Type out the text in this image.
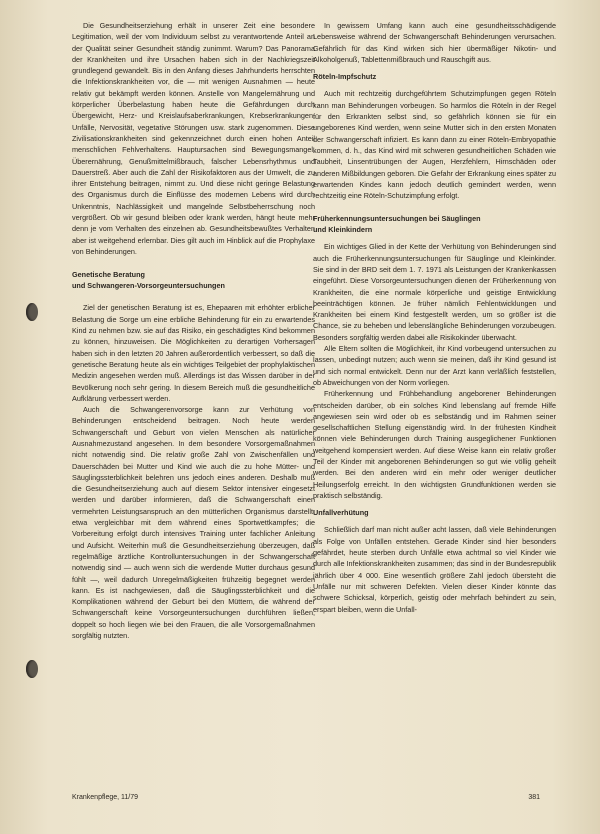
Die Gesundheitserziehung erhält in unserer Zeit eine besondere Legitimation, weil der vom Individuum selbst zu verantwortende Anteil an der Qualität seiner Gesundheit ständig zunimmt. Warum? Das Panorama der Krankheiten und ihre Ursachen haben sich in der Nachkriegszeit grundlegend gewandelt. Bis in den Anfang dieses Jahrhunderts herrschten die Infektionskrankheiten vor, die — mit wenigen Ausnahmen — heute relativ gut bekämpft werden können. Anstelle von Mangelernährung und körperlicher Überbelastung haben heute die Gefährdungen durch Übergewicht, Herz- und Kreislaufsaberkrankungen, Krebserkrankungen, Unfälle, Nervosität, vegetative Störungen usw. stark zugenommen. Diese Zivilisationskrankheiten sind gekennzeichnet durch einen hohen Anteil menschlichen Fehlverhaltens. Hauptursachen sind Bewegungsmangel, Überernährung, Genußmittelmißbrauch, falscher Lebensrhythmus und Dauerstreß. Aber auch die Zahl der Risikofaktoren aus der Umwelt, die zu ihrer Entstehung beitragen, nimmt zu. Und diese nicht geringe Belastung des Organismus durch die Einflüsse des modernen Lebens wird durch Unkenntnis, Nachlässigkeit und mangelnde Selbstbeherrschung noch vergrößert. Ob wir gesund bleiben oder krank werden, hängt heute mehr denn je vom Verhalten des einzelnen ab. Gesundheitsbewußtes Verhalten aber ist weitgehend erlernbar. Dies gilt auch im Hinblick auf die Prophylaxe von Behinderungen.

Genetische Beratung
und Schwangeren-Vorsorgeuntersuchungen

Ziel der genetischen Beratung ist es, Ehepaaren mit erhöhter erblicher Belastung die Sorge um eine erbliche Behinderung für ein zu erwartendes Kind zu nehmen bzw. sie auf das Risiko, ein geschädigtes Kind bekommen zu können, hinzuweisen. Die Möglichkeiten zu derartigen Vorhersagen haben sich in den letzten 20 Jahren außerordentlich verbessert, so daß die genetische Beratung heute als ein wichtiges Teilgebiet der prophylaktischen Medizin angesehen werden muß. Allerdings ist das Wissen darüber in der Bevölkerung noch sehr gering. In diesem Bereich muß die gesundheitliche Aufklärung verbessert werden.

Auch die Schwangerenvorsorge kann zur Verhütung von Behinderungen entscheidend beitragen. Noch heute werden Schwangerschaft und Geburt von vielen Menschen als natürlicher Ausnahmezustand angesehen. In dem besondere Vorsorgemaßnahmen nicht notwendig sind. Die relativ große Zahl von Zwischenfällen und Dauerschäden bei Mutter und Kind wie auch die zu hohe Mütter- und Säuglingssterblichkeit belehren uns jedoch eines anderen. Deshalb muß die Gesundheitserziehung auch auf diesem Sektor intensiver eingesetzt werden und darüber informieren, daß die Schwangerschaft einen vermehrten Leistungsanspruch an den mütterlichen Organismus darstellt, etwa vergleichbar mit dem während eines Sportwettkampfes; die Vorbereitung erfolgt durch intensives Training unter fachlicher Anleitung und Aufsicht. Weiterhin muß die Gesundheitserziehung überzeugen, daß regelmäßige ärztliche Kontrolluntersuchungen in der Schwangerschaft notwendig sind — auch wenn sich die werdende Mutter durchaus gesund fühlt —, weil dadurch Unregelmäßigkeiten frühzeitig begegnet werden kann. Es ist nachgewiesen, daß die Säuglingssterblichkeit und die Komplikationen während der Geburt bei den Müttern, die während der Schwangerschaft keine Vorsorgeuntersuchungen durchführen ließen, doppelt so hoch liegen wie bei den Frauen, die alle Vorsorgemaßnahmen sorgfältig nutzten.

In gewissem Umfang kann auch eine gesundheitsschädigende Lebensweise während der Schwangerschaft Behinderungen verursachen. Gefährlich für das Kind wirken sich hier übermäßiger Nikotin- und Alkoholgenuß, Tablettenmißbrauch und Rauschgift aus.

Röteln-Impfschutz

Auch mit rechtzeitig durchgeführtem Schutzimpfungen gegen Röteln kann man Behinderungen vorbeugen. So harmlos die Röteln in der Regel für den Erkrankten selbst sind, so gefährlich können sie für ein ungeborenes Kind werden, wenn seine Mutter sich in den ersten Monaten der Schwangerschaft infiziert. Es kann dann zu einer Röteln-Embryopathie kommen, d. h., das Kind wird mit schweren gesundheitlichen Schäden wie Taubheit, Linsentrübungen der Augen, Herzfehlern, Hirnschäden oder anderen Mißbildungen geboren. Die Gefahr der Erkrankung eines später zu erwartenden Kindes kann jedoch deutlich gemindert werden, wenn rechtzeitig eine Röteln-Schutzimpfung erfolgt.

Früherkennungsuntersuchungen bei Säuglingen
und Kleinkindern

Ein wichtiges Glied in der Kette der Verhütung von Behinderungen sind auch die Früherkennungsuntersuchungen für Säuglinge und Kleinkinder. Sie sind in der BRD seit dem 1. 7. 1971 als Leistungen der Krankenkassen eingeführt. Diese Vorsorgeuntersuchungen dienen der Früherkennung von Krankheiten, die eine normale körperliche und geistige Entwicklung beeinträchtigen können. Je früher nämlich Fehlentwicklungen und Krankheiten bei einem Kind festgestellt werden, um so größer ist die Chance, sie zu beheben und lebenslängliche Behinderungen vorzubeugen. Besonders sorgfältig werden dabei alle Risikokinder überwacht.

Alle Eltern sollten die Möglichkeit, ihr Kind vorbeugend untersuchen zu lassen, unbedingt nutzen; auch wenn sie meinen, daß ihr Kind gesund ist und sich normal entwickelt. Denn nur der Arzt kann verläßlich feststellen, ob Abweichungen von der Norm vorliegen.

Früherkennung und Frühbehandlung angeborener Behinderungen entscheiden darüber, ob ein solches Kind lebenslang auf fremde Hilfe angewiesen sein wird oder ob es selbständig und im Rahmen seiner gesellschaftlichen Stellung eigenständig wird. In der frühesten Kindheit können viele Behinderungen durch Training ausgeglichener Funktionen weitgehend kompensiert werden. Auf diese Weise kann ein relativ großer Teil der Kinder mit angeborenen Behinderungen so gut wie völlig geheilt werden. Bei den anderen wird ein mehr oder weniger deutlicher Heilungserfolg erreicht. In den wichtigsten Grundfunktionen werden sie praktisch selbständig.

Unfallverhütung

Schließlich darf man nicht außer acht lassen, daß viele Behinderungen als Folge von Unfällen entstehen. Gerade Kinder sind hier besonders gefährdet, heute sterben durch Unfälle etwa achtmal so viel Kinder wie durch alle Infektionskrankheiten zusammen; das sind in der Bundesrepublik jährlich über 4 000. Eine wesentlich größere Zahl jedoch übersteht die Unfälle nur mit schweren Defekten. Vielen dieser Kinder könnte das schwere Schicksal, körperlich, geistig oder mehrfach behindert zu sein, erspart bleiben, wenn die Unfall-

Krankenpflege, 11/79	381
